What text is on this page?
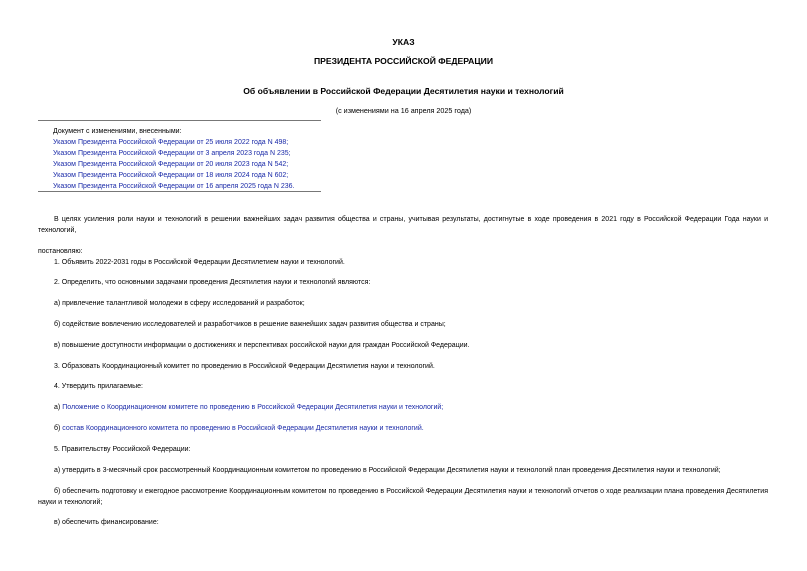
УКАЗ
ПРЕЗИДЕНТА РОССИЙСКОЙ ФЕДЕРАЦИИ
Об объявлении в Российской Федерации Десятилетия науки и технологий
(с изменениями на 16 апреля 2025 года)
Документ с изменениями, внесенными:
Указом Президента Российской Федерации от 25 июля 2022 года N 498;
Указом Президента Российской Федерации от 3 апреля 2023 года N 235;
Указом Президента Российской Федерации от 20 июля 2023 года N 542;
Указом Президента Российской Федерации от 18 июля 2024 года N 602;
Указом Президента Российской Федерации от 16 апреля 2025 года N 236.

В целях усиления роли науки и технологий в решении важнейших задач развития общества и страны, учитывая результаты, достигнутые в ходе проведения в 2021 году в Российской Федерации Года науки и технологий,

постановляю:

1. Объявить 2022-2031 годы в Российской Федерации Десятилетием науки и технологий.

2. Определить, что основными задачами проведения Десятилетия науки и технологий являются:

а) привлечение талантливой молодежи в сферу исследований и разработок;

б) содействие вовлечению исследователей и разработчиков в решение важнейших задач развития общества и страны;

в) повышение доступности информации о достижениях и перспективах российской науки для граждан Российской Федерации.

3. Образовать Координационный комитет по проведению в Российской Федерации Десятилетия науки и технологий.

4. Утвердить прилагаемые:

а) Положение о Координационном комитете по проведению в Российской Федерации Десятилетия науки и технологий;

б) состав Координационного комитета по проведению в Российской Федерации Десятилетия науки и технологий.

5. Правительству Российской Федерации:

а) утвердить в 3-месячный срок рассмотренный Координационным комитетом по проведению в Российской Федерации Десятилетия науки и технологий план проведения Десятилетия науки и технологий;

б) обеспечить подготовку и ежегодное рассмотрение Координационным комитетом по проведению в Российской Федерации Десятилетия науки и технологий отчетов о ходе реализации плана проведения Десятилетия науки и технологий;

в) обеспечить финансирование:
